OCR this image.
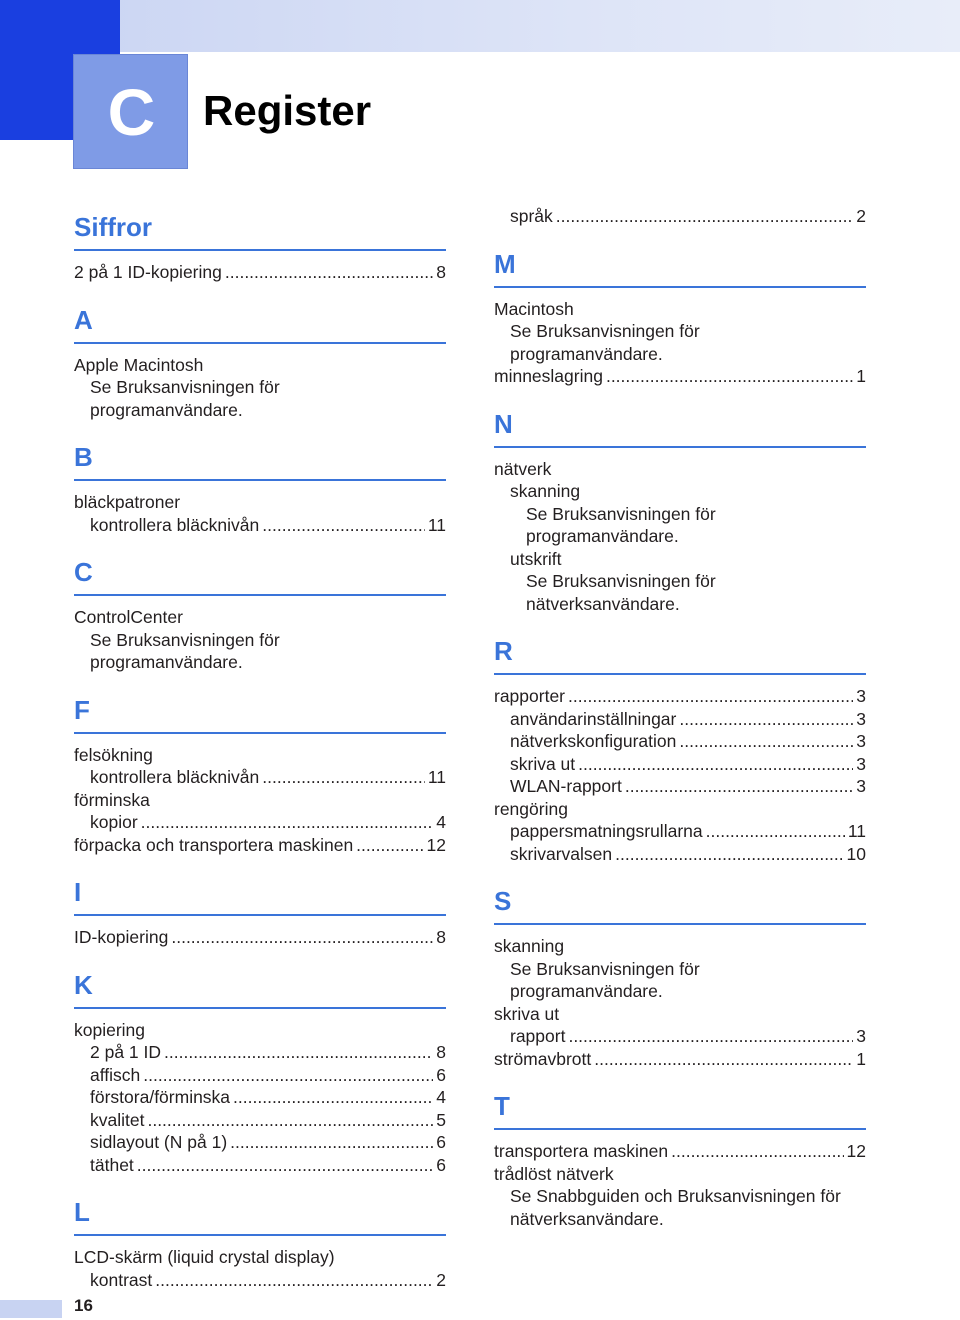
C	Register
Siffror
2 på 1 ID-kopiering .....	8
A
Apple Macintosh
Se Bruksanvisningen för
programanvändare.
B
bläckpatroner
kontrollera bläcknivån .....	11
C
ControlCenter
Se Bruksanvisningen för
programanvändare.
F
felsökning
kontrollera bläcknivån .....	11
förminska
kopior .....	4
förpacka och transportera maskinen .....	12
I
ID-kopiering .....	8
K
kopiering
2 på 1 ID .....	8
affisch .....	6
förstora/förminska .....	4
kvalitet .....	5
sidlayout (N på 1) .....	6
täthet .....	6
L
LCD-skärm (liquid crystal display)
kontrast .....	2
språk .....	2
M
Macintosh
Se Bruksanvisningen för
programanvändare.
minneslagring .....	1
N
nätverk
skanning
Se Bruksanvisningen för
programanvändare.
utskrift
Se Bruksanvisningen för
nätverksanvändare.
R
rapporter .....	3
användarinställningar .....	3
nätverkskonfiguration .....	3
skriva ut .....	3
WLAN-rapport .....	3
rengöring
pappersmatningsrullarna .....	11
skrivarvalsen .....	10
S
skanning
Se Bruksanvisningen för
programanvändare.
skriva ut
rapport .....	3
strömavbrott .....	1
T
transportera maskinen .....	12
trådlöst nätverk
Se Snabbguiden och Bruksanvisningen för
nätverksanvändare.
16
